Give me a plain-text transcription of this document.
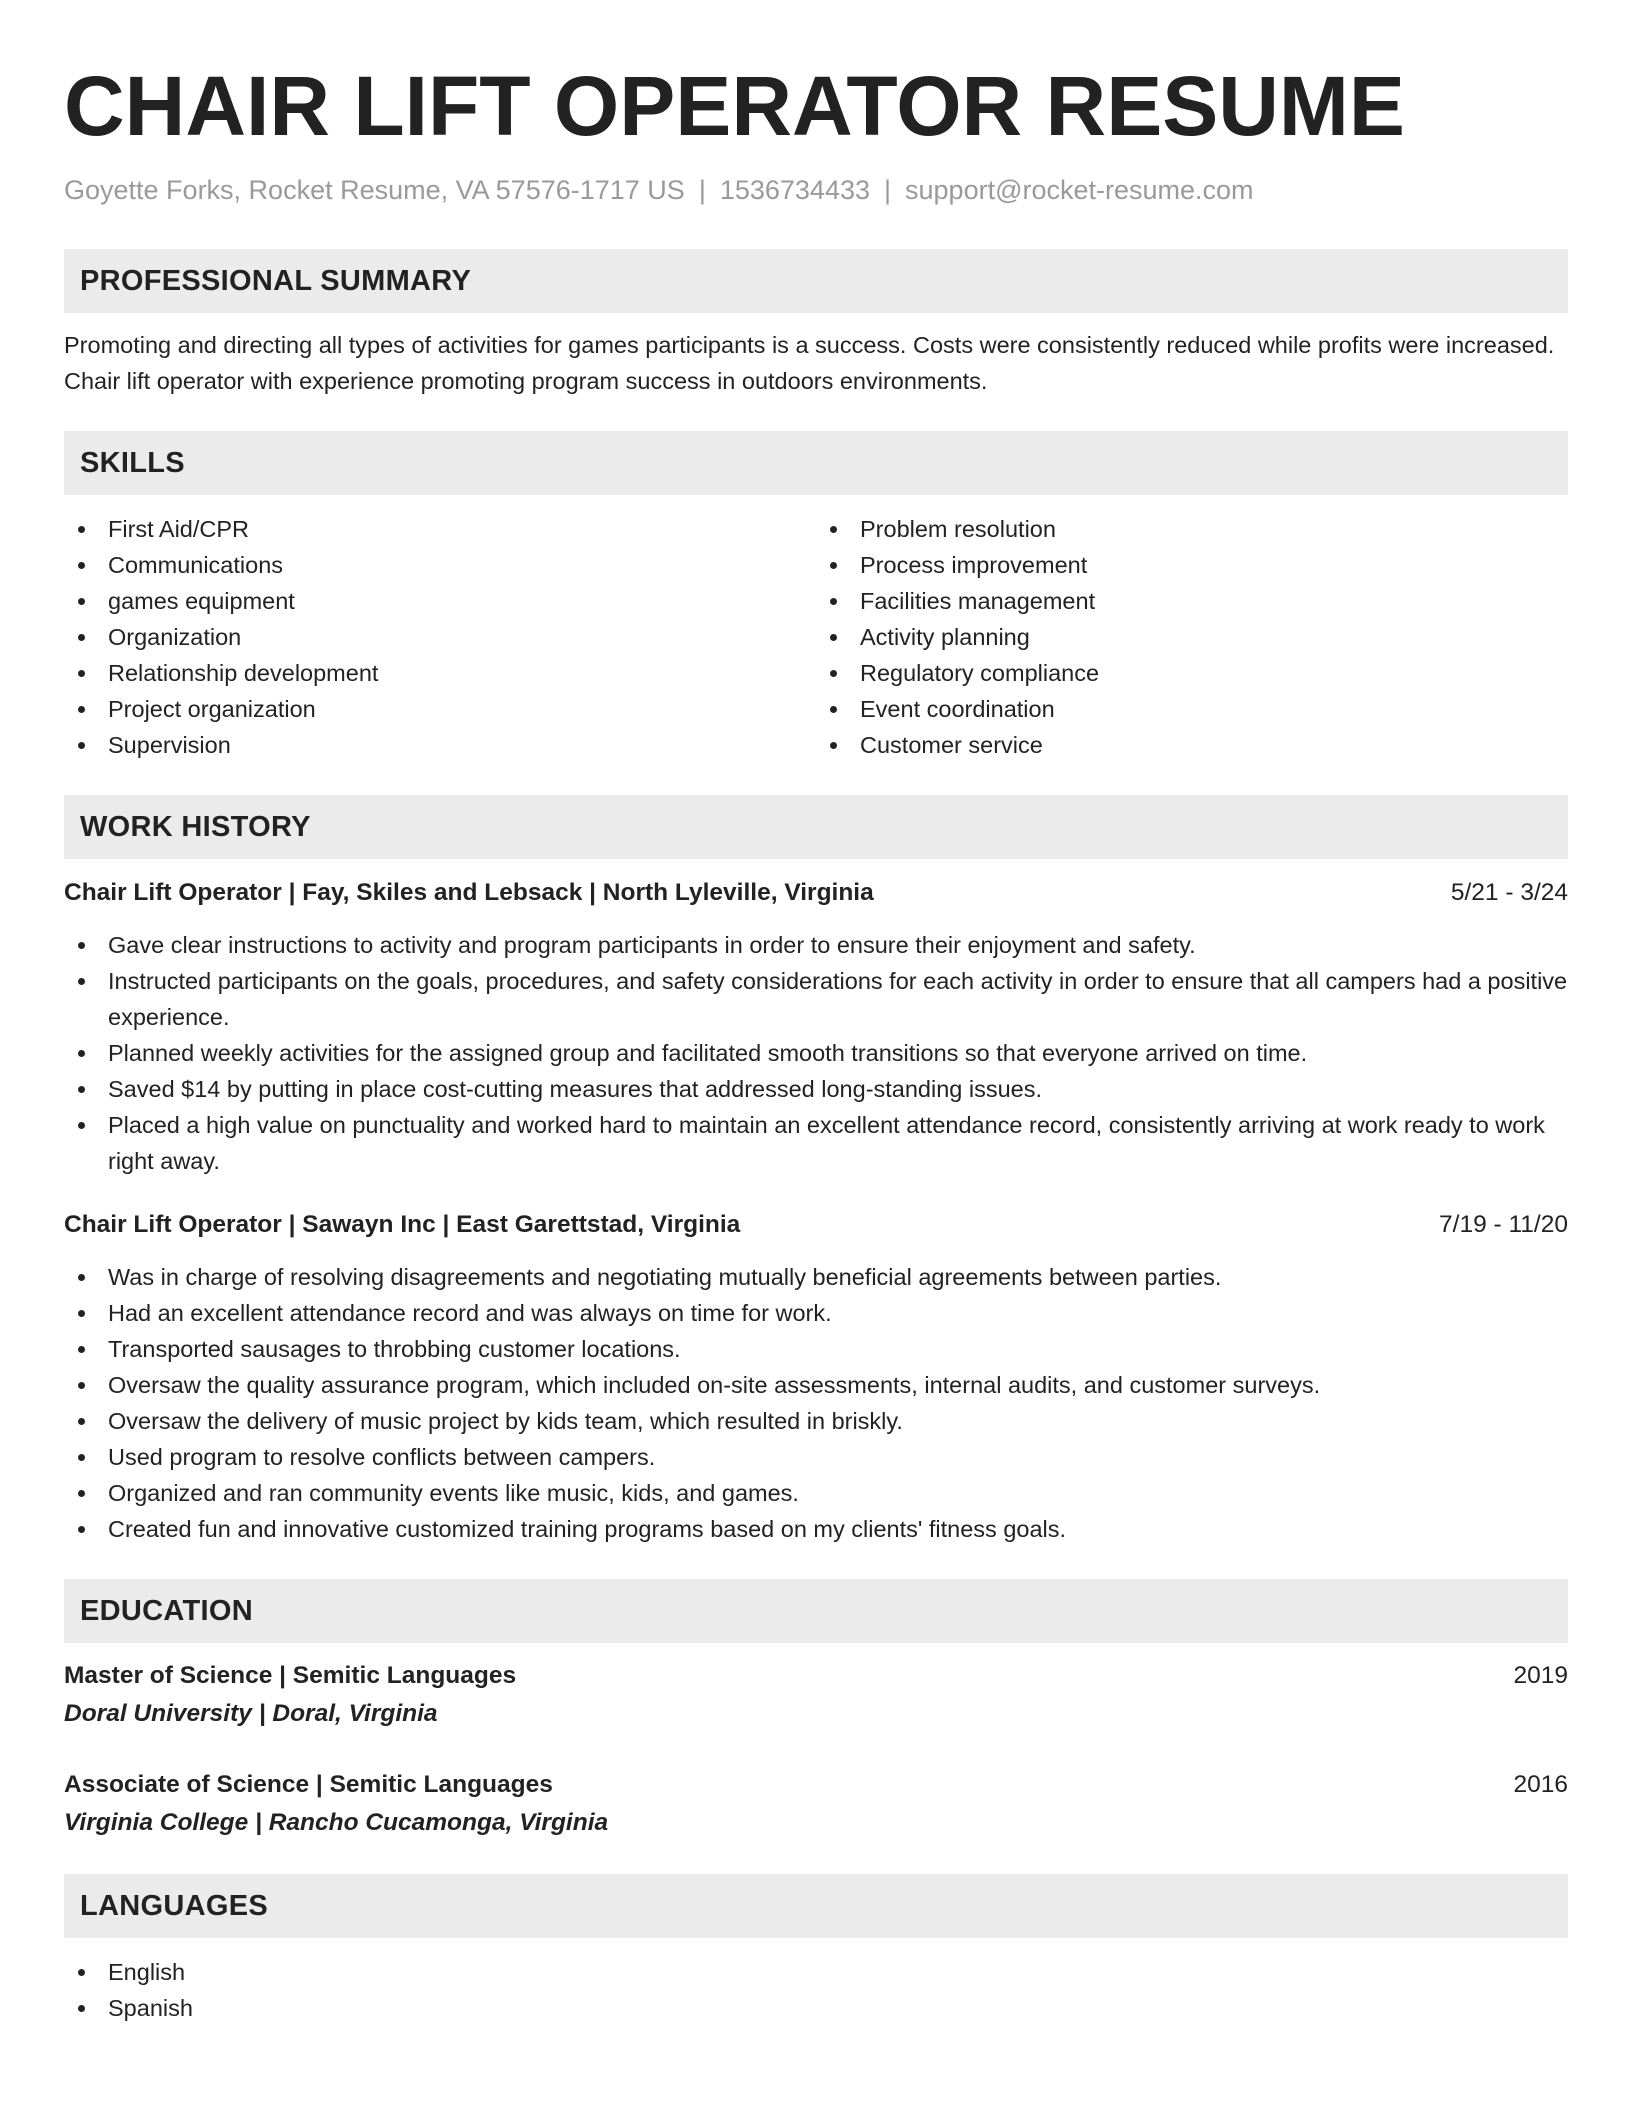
CHAIR LIFT OPERATOR RESUME
Goyette Forks, Rocket Resume, VA 57576-1717 US | 1536734433 | support@rocket-resume.com
PROFESSIONAL SUMMARY

Promoting and directing all types of activities for games participants is a success. Costs were consistently reduced while profits were increased. Chair lift operator with experience promoting program success in outdoors environments.

SKILLS
First Aid/CPR
Communications
games equipment
Organization
Relationship development
Project organization
Supervision
Problem resolution
Process improvement
Facilities management
Activity planning
Regulatory compliance
Event coordination
Customer service
WORK HISTORY
Chair Lift Operator | Fay, Skiles and Lebsack | North Lyleville, Virginia	5/21 - 3/24
Gave clear instructions to activity and program participants in order to ensure their enjoyment and safety.
Instructed participants on the goals, procedures, and safety considerations for each activity in order to ensure that all campers had a positive experience.
Planned weekly activities for the assigned group and facilitated smooth transitions so that everyone arrived on time.
Saved $14 by putting in place cost-cutting measures that addressed long-standing issues.
Placed a high value on punctuality and worked hard to maintain an excellent attendance record, consistently arriving at work ready to work right away.
Chair Lift Operator | Sawayn Inc | East Garettstad, Virginia	7/19 - 11/20
Was in charge of resolving disagreements and negotiating mutually beneficial agreements between parties.
Had an excellent attendance record and was always on time for work.
Transported sausages to throbbing customer locations.
Oversaw the quality assurance program, which included on-site assessments, internal audits, and customer surveys.
Oversaw the delivery of music project by kids team, which resulted in briskly.
Used program to resolve conflicts between campers.
Organized and ran community events like music, kids, and games.
Created fun and innovative customized training programs based on my clients' fitness goals.
EDUCATION
Master of Science | Semitic Languages	2019
Doral University | Doral, Virginia
Associate of Science | Semitic Languages	2016
Virginia College | Rancho Cucamonga, Virginia
LANGUAGES
English
Spanish
